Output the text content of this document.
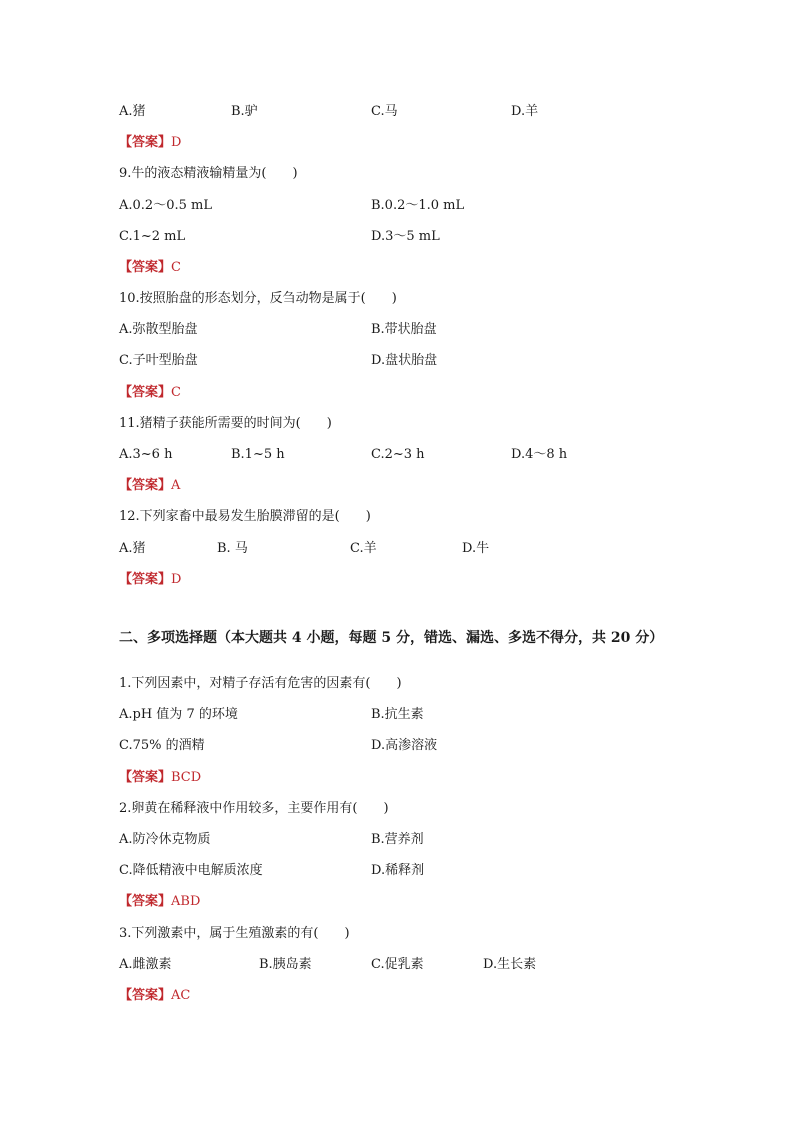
A.猪	B.驴	C.马	D.羊
【答案】D
9.牛的液态精液输精量为(　　)
A.0.2～0.5 mL	B.0.2～1.0 mL
C.1~2 mL	D.3～5 mL
【答案】C
10.按照胎盘的形态划分，反刍动物是属于(　　)
A.弥散型胎盘	B.带状胎盘
C.子叶型胎盘	D.盘状胎盘
【答案】C
11.猪精子获能所需要的时间为(　　)
A.3~6 h	B.1~5 h	C.2~3 h	D.4～8 h
【答案】A
12.下列家畜中最易发生胎膜滞留的是(　　)
A.猪	B. 马	C.羊	D.牛
【答案】D
二、多项选择题（本大题共 4 小题，每题 5 分，错选、漏选、多选不得分，共 20 分）
1.下列因素中，对精子存活有危害的因素有(　　)
A.pH 值为 7 的环境	B.抗生素
C.75% 的酒精	D.高渗溶液
【答案】BCD
2.卵黄在稀释液中作用较多，主要作用有(　　)
A.防冷休克物质	B.营养剂
C.降低精液中电解质浓度	D.稀释剂
【答案】ABD
3.下列激素中，属于生殖激素的有(　　)
A.雌激素	B.胰岛素	C.促乳素	D.生长素
【答案】AC
